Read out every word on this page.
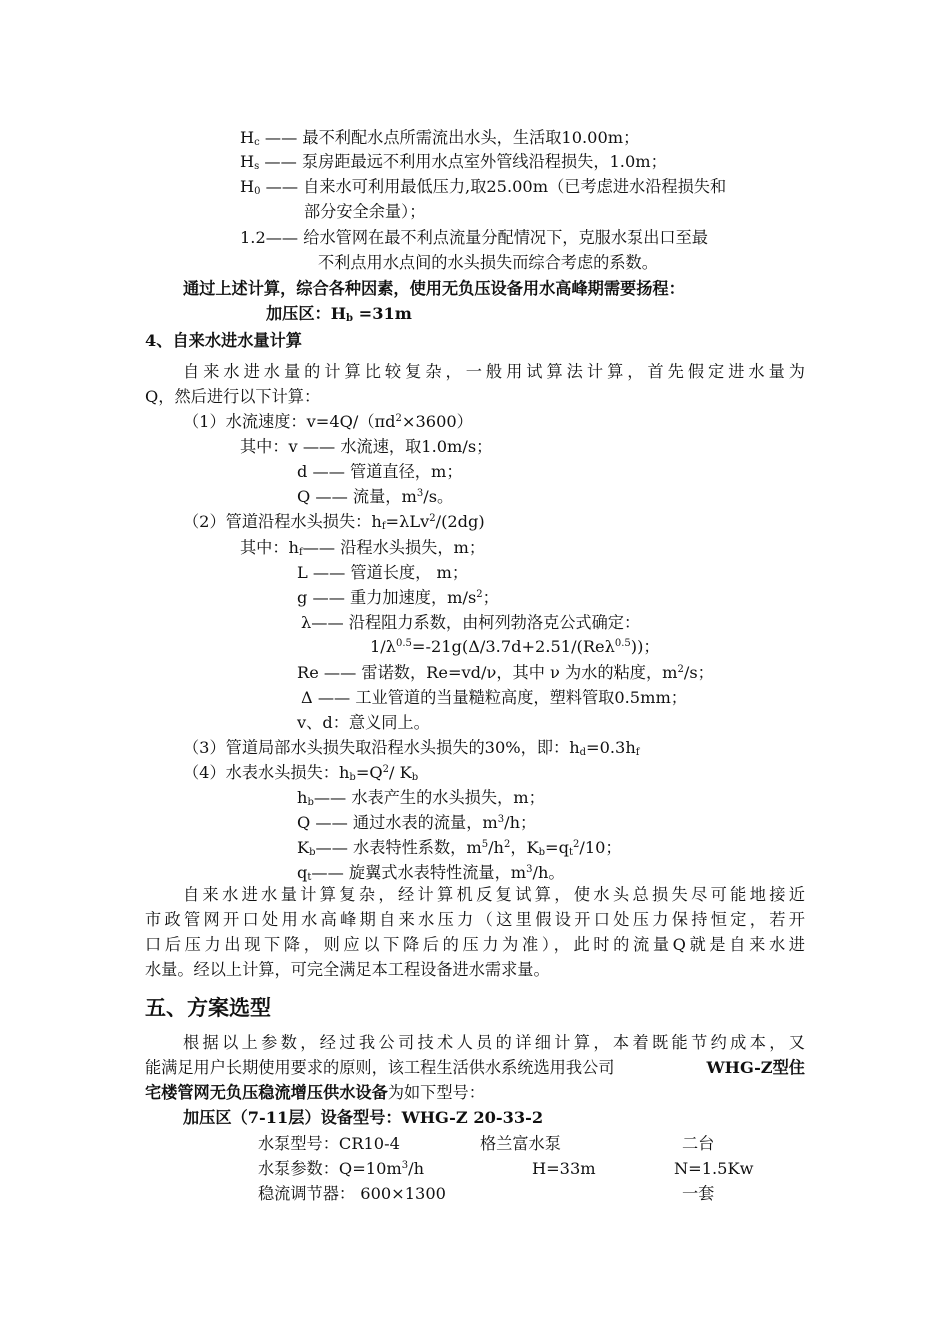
$H_c$ —— 最不利配水点所需流出水头，生活取10.00m；
$H_s$ —— 泵房距最远不利用水点室外管线沿程损失，1.0m；
$H_0$ —— 自来水可利用最低压力,取25.00m（已考虑进水沿程损失和
部分安全余量）；
1.2—— 给水管网在最不利点流量分配情况下，克服水泵出口至最
不利点用水点间的水头损失而综合考虑的系数。
通过上述计算，综合各种因素，使用无负压设备用水高峰期需要扬程：
加压区：$H_b =31m$
4、自来水进水量计算
自来水进水量的计算比较复杂，一般用试算法计算，首先假定进水量为
Q，然后进行以下计算：
（1）水流速度：$v=4Q/(\pi d^2\times 3600)$
其中：v —— 水流速，取1.0m/s；
d —— 管道直径，m；
Q —— 流量，$m^3/s$。
（2）管道沿程水头损失：$h_f=\lambda Lv^2/(2dg)$
其中：$h_f——$ 沿程水头损失，m；
L —— 管道长度， m；
g —— 重力加速度，$m/s^2$；
λ—— 沿程阻力系数，由柯列勃洛克公式确定：
$1/\lambda^{0.5}=-21g(\Delta/3.7d+2.51/(Re\lambda^{0.5}))$；
Re —— 雷诺数，Re=vd/ν，其中 ν 为水的粘度，$m^2/s$；
Δ —— 工业管道的当量糙粒高度，塑料管取0.5mm；
v、d：意义同上。
（3）管道局部水头损失取沿程水头损失的30%，即：$h_d=0.3h_f$
（4）水表水头损失：$h_b=Q^2/$ $K_b$
$h_b——$ 水表产生的水头损失，m；
Q —— 通过水表的流量，$m^3/h$；
$K_b——$ 水表特性系数，$m^5/h^2$，$K_b=q_t^2/10$；
$q_t——$ 旋翼式水表特性流量，$m^3/h$。
自来水进水量计算复杂，经计算机反复试算，使水头总损失尽可能地接近
市政管网开口处用水高峰期自来水压力（这里假设开口处压力保持恒定，若开
口后压力出现下降，则应以下降后的压力为准），此时的流量Q就是自来水进
水量。经以上计算，可完全满足本工程设备进水需求量。
五、方案选型
根据以上参数，经过我公司技术人员的详细计算，本着既能节约成本，又
能满足用户长期使用要求的原则，该工程生活供水系统选用我公司	WHG-Z型住
宅楼管网无负压稳流增压供水设备为如下型号：
加压区（7-11层）设备型号：WHG-Z 20-33-2
水泵型号：CR10-4	格兰富水泵	二台
水泵参数：$Q=10m^3/h$	H=33m	N=1.5Kw
稳流调节器： 600×1300	一套
